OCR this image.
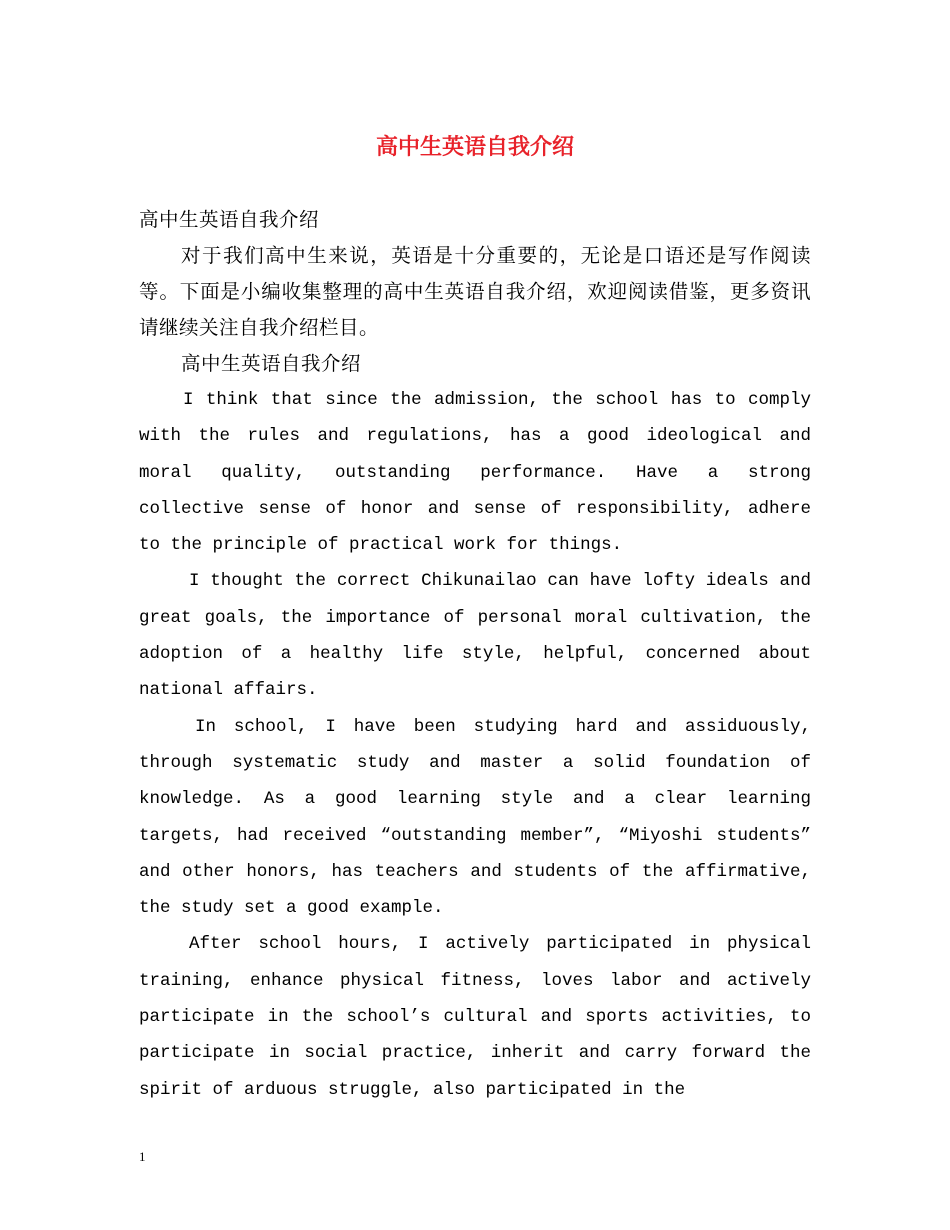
高中生英语自我介绍

高中生英语自我介绍

对于我们高中生来说，英语是十分重要的，无论是口语还是写作阅读等。下面是小编收集整理的高中生英语自我介绍，欢迎阅读借鉴，更多资讯请继续关注自我介绍栏目。

高中生英语自我介绍

I think that since the admission, the school has to comply with the rules and regulations, has a good ideological and moral quality, outstanding performance. Have a strong collective sense of honor and sense of responsibility, adhere to the principle of practical work for things.

I thought the correct Chikunailao can have lofty ideals and great goals, the importance of personal moral cultivation, the adoption of a healthy life style, helpful, concerned about national affairs.

In school, I have been studying hard and assiduously, through systematic study and master a solid foundation of knowledge. As a good learning style and a clear learning targets, had received “outstanding member”, “Miyoshi students” and other honors, has teachers and students of the affirmative, the study set a good example.

After school hours, I actively participated in physical training, enhance physical fitness, loves labor and actively participate in the school’s cultural and sports activities, to participate in social practice, inherit and carry forward the spirit of arduous struggle, also participated in the

1
